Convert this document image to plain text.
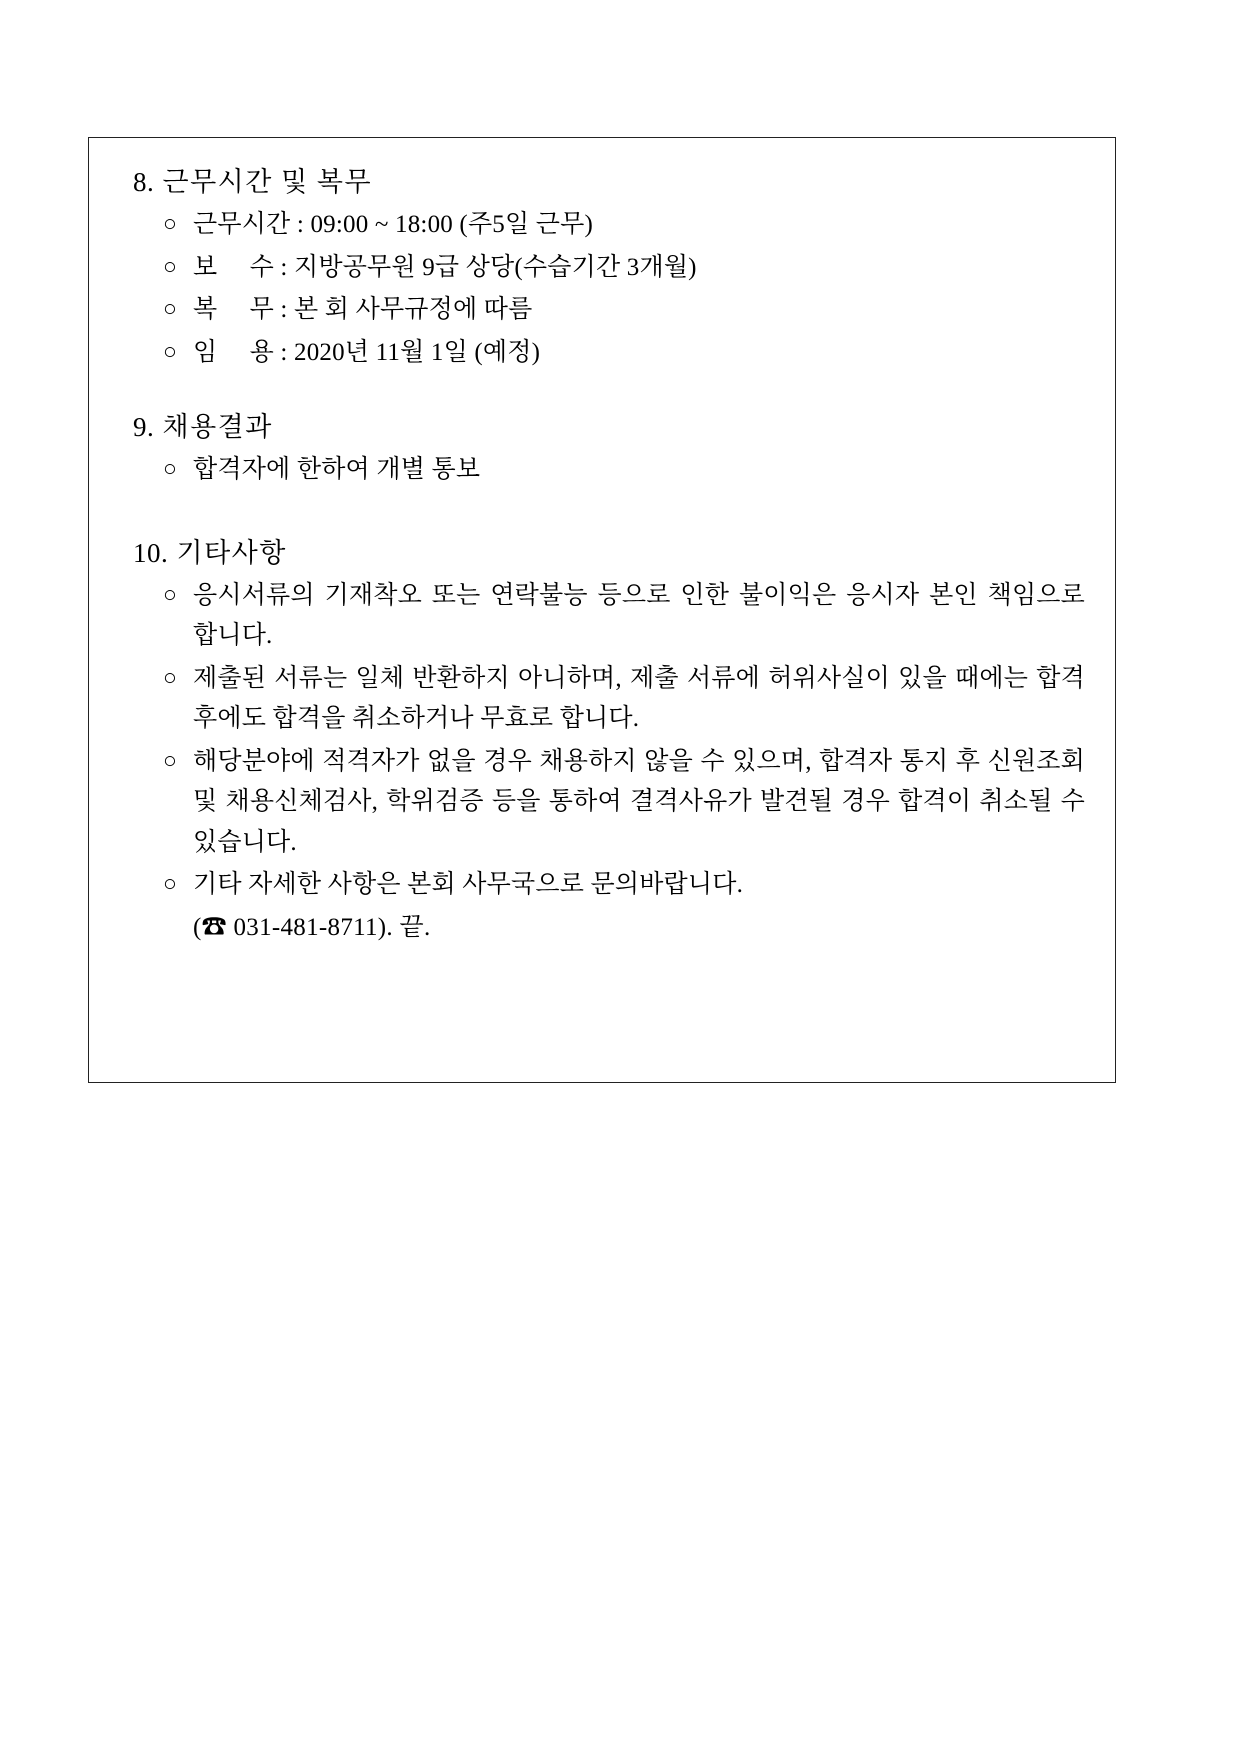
8. 근무시간 및 복무
○ 근무시간 : 09:00 ~ 18:00 (주5일 근무)
○ 보     수 : 지방공무원 9급 상당(수습기간 3개월)
○ 복     무 : 본 회 사무규정에 따름
○ 임     용 : 2020년 11월 1일 (예정)
9. 채용결과
○ 합격자에 한하여 개별 통보
10. 기타사항
○ 응시서류의 기재착오 또는 연락불능 등으로 인한 불이익은 응시자 본인 책임으로 합니다.
○ 제출된 서류는 일체 반환하지 아니하며, 제출 서류에 허위사실이 있을 때에는 합격 후에도 합격을 취소하거나 무효로 합니다.
○ 해당분야에 적격자가 없을 경우 채용하지 않을 수 있으며, 합격자 통지 후 신원조회 및 채용신체검사, 학위검증 등을 통하여 결격사유가 발견될 경우 합격이 취소될 수 있습니다.
○ 기타 자세한 사항은 본회 사무국으로 문의바랍니다.
(☎ 031-481-8711). 끝.
